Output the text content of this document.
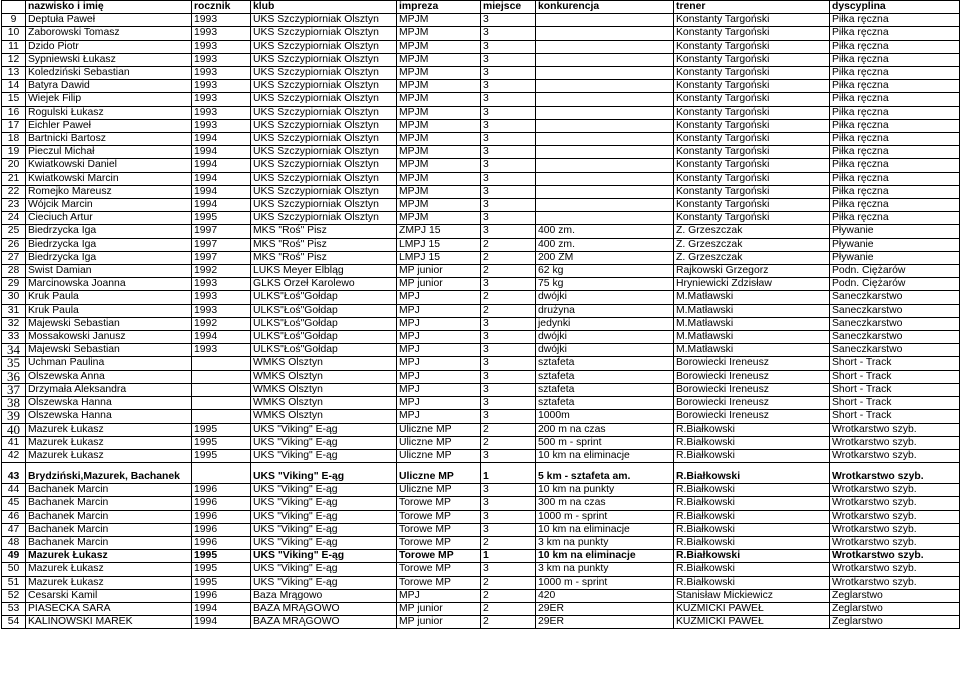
	nazwisko i imię	rocznik	klub	impreza	miejsce	konkurencja	trener	dyscyplina
9	Deptuła Paweł	1993	UKS Szczypiorniak Olsztyn	MPJM	3		Konstanty Targoński	Piłka ręczna
10	Zaborowski Tomasz	1993	UKS Szczypiorniak Olsztyn	MPJM	3		Konstanty Targoński	Piłka ręczna
11	Dzido Piotr	1993	UKS Szczypiorniak Olsztyn	MPJM	3		Konstanty Targoński	Piłka ręczna
12	Sypniewski Łukasz	1993	UKS Szczypiorniak Olsztyn	MPJM	3		Konstanty Targoński	Piłka ręczna
13	Koledziński Sebastian	1993	UKS Szczypiorniak Olsztyn	MPJM	3		Konstanty Targoński	Piłka ręczna
14	Batyra Dawid	1993	UKS Szczypiorniak Olsztyn	MPJM	3		Konstanty Targoński	Piłka ręczna
15	Wiejek Filip	1993	UKS Szczypiorniak Olsztyn	MPJM	3		Konstanty Targoński	Piłka ręczna
16	Rogulski Łukasz	1993	UKS Szczypiorniak Olsztyn	MPJM	3		Konstanty Targoński	Piłka ręczna
17	Eichler Paweł	1993	UKS Szczypiorniak Olsztyn	MPJM	3		Konstanty Targoński	Piłka ręczna
18	Bartnicki Bartosz	1994	UKS Szczypiorniak Olsztyn	MPJM	3		Konstanty Targoński	Piłka ręczna
19	Pieczul Michał	1994	UKS Szczypiorniak Olsztyn	MPJM	3		Konstanty Targoński	Piłka ręczna
20	Kwiatkowski Daniel	1994	UKS Szczypiorniak Olsztyn	MPJM	3		Konstanty Targoński	Piłka ręczna
21	Kwiatkowski Marcin	1994	UKS Szczypiorniak Olsztyn	MPJM	3		Konstanty Targoński	Piłka ręczna
22	Romejko Mareusz	1994	UKS Szczypiorniak Olsztyn	MPJM	3		Konstanty Targoński	Piłka ręczna
23	Wójcik Marcin	1994	UKS Szczypiorniak Olsztyn	MPJM	3		Konstanty Targoński	Piłka ręczna
24	Cieciuch Artur	1995	UKS Szczypiorniak Olsztyn	MPJM	3		Konstanty Targoński	Piłka ręczna
25	Biedrzycka Iga	1997	MKS "Roś" Pisz	ZMPJ 15	3	400 zm.	Z. Grzeszczak	Pływanie
26	Biedrzycka Iga	1997	MKS "Roś" Pisz	LMPJ 15	2	400 zm.	Z. Grzeszczak	Pływanie
27	Biedrzycka Iga	1997	MKS "Roś" Pisz	LMPJ 15	2	200 ZM	Z. Grzeszczak	Pływanie
28	Świst Damian	1992	LUKS Meyer Elbląg	MP junior	2	62 kg	Rajkowski Grzegorz	Podn. Ciężarów
29	Marcinowska Joanna	1993	GLKS Orzeł Karolewo	MP junior	3	75 kg	Hryniewicki Zdzisław	Podn. Ciężarów
30	Kruk Paula	1993	ULKS"Łoś"Gołdap	MPJ	2	dwójki	M.Matławski	Saneczkarstwo
31	Kruk Paula	1993	ULKS"Łoś"Gołdap	MPJ	2	drużyna	M.Matławski	Saneczkarstwo
32	Majewski Sebastian	1992	ULKS"Łoś"Gołdap	MPJ	3	jedynki	M.Matławski	Saneczkarstwo
33	Mossakowski Janusz	1994	ULKS"Łoś"Gołdap	MPJ	3	dwójki	M.Matławski	Saneczkarstwo
34	Majewski Sebastian	1993	ULKS"Łoś"Gołdap	MPJ	3	dwójki	M.Matławski	Saneczkarstwo
35	Uchman Paulina		WMKS Olsztyn	MPJ	3	sztafeta	Borowiecki Ireneusz	Short - Track
36	Olszewska Anna		WMKS Olsztyn	MPJ	3	sztafeta	Borowiecki Ireneusz	Short - Track
37	Drzymała Aleksandra		WMKS Olsztyn	MPJ	3	sztafeta	Borowiecki Ireneusz	Short - Track
38	Olszewska Hanna		WMKS Olsztyn	MPJ	3	sztafeta	Borowiecki Ireneusz	Short - Track
39	Olszewska Hanna		WMKS Olsztyn	MPJ	3	1000m	Borowiecki Ireneusz	Short - Track
40	Mazurek Łukasz	1995	UKS "Viking" E-ąg	Uliczne MP	2	200 m na czas	R.Białkowski	Wrotkarstwo szyb.
41	Mazurek Łukasz	1995	UKS "Viking" E-ąg	Uliczne MP	2	500 m - sprint	R.Białkowski	Wrotkarstwo szyb.
42	Mazurek Łukasz	1995	UKS "Viking" E-ąg	Uliczne MP	3	10 km na eliminacje	R.Białkowski	Wrotkarstwo szyb.
43	Brydziński,Mazurek, Bachanek		UKS "Viking" E-ąg	Uliczne MP	1	5 km - sztafeta am.	R.Białkowski	Wrotkarstwo szyb.
44	Bachanek Marcin	1996	UKS "Viking" E-ąg	Uliczne MP	3	10 km na punkty	R.Białkowski	Wrotkarstwo szyb.
45	Bachanek Marcin	1996	UKS "Viking" E-ąg	Torowe MP	3	300 m na czas	R.Białkowski	Wrotkarstwo szyb.
46	Bachanek Marcin	1996	UKS "Viking" E-ąg	Torowe MP	3	1000 m - sprint	R.Białkowski	Wrotkarstwo szyb.
47	Bachanek Marcin	1996	UKS "Viking" E-ąg	Torowe MP	3	10 km na eliminacje	R.Białkowski	Wrotkarstwo szyb.
48	Bachanek Marcin	1996	UKS "Viking" E-ąg	Torowe MP	2	3 km na punkty	R.Białkowski	Wrotkarstwo szyb.
49	Mazurek Łukasz	1995	UKS "Viking" E-ąg	Torowe MP	1	10 km na eliminacje	R.Białkowski	Wrotkarstwo szyb.
50	Mazurek Łukasz	1995	UKS "Viking" E-ąg	Torowe MP	3	3 km na punkty	R.Białkowski	Wrotkarstwo szyb.
51	Mazurek Łukasz	1995	UKS "Viking" E-ąg	Torowe MP	2	1000 m - sprint	R.Białkowski	Wrotkarstwo szyb.
52	Cesarski Kamil	1996	Baza Mrągowo	MPJ	2	420	Stanisław Mickiewicz	Żeglarstwo
53	PIASECKA SARA	1994	BAZA MRĄGOWO	MP junior	2	29ER	KUŻMICKI PAWEŁ	Żeglarstwo
54	KALINOWSKI MAREK	1994	BAZA MRĄGOWO	MP junior	2	29ER	KUŻMICKI PAWEŁ	Żeglarstwo
